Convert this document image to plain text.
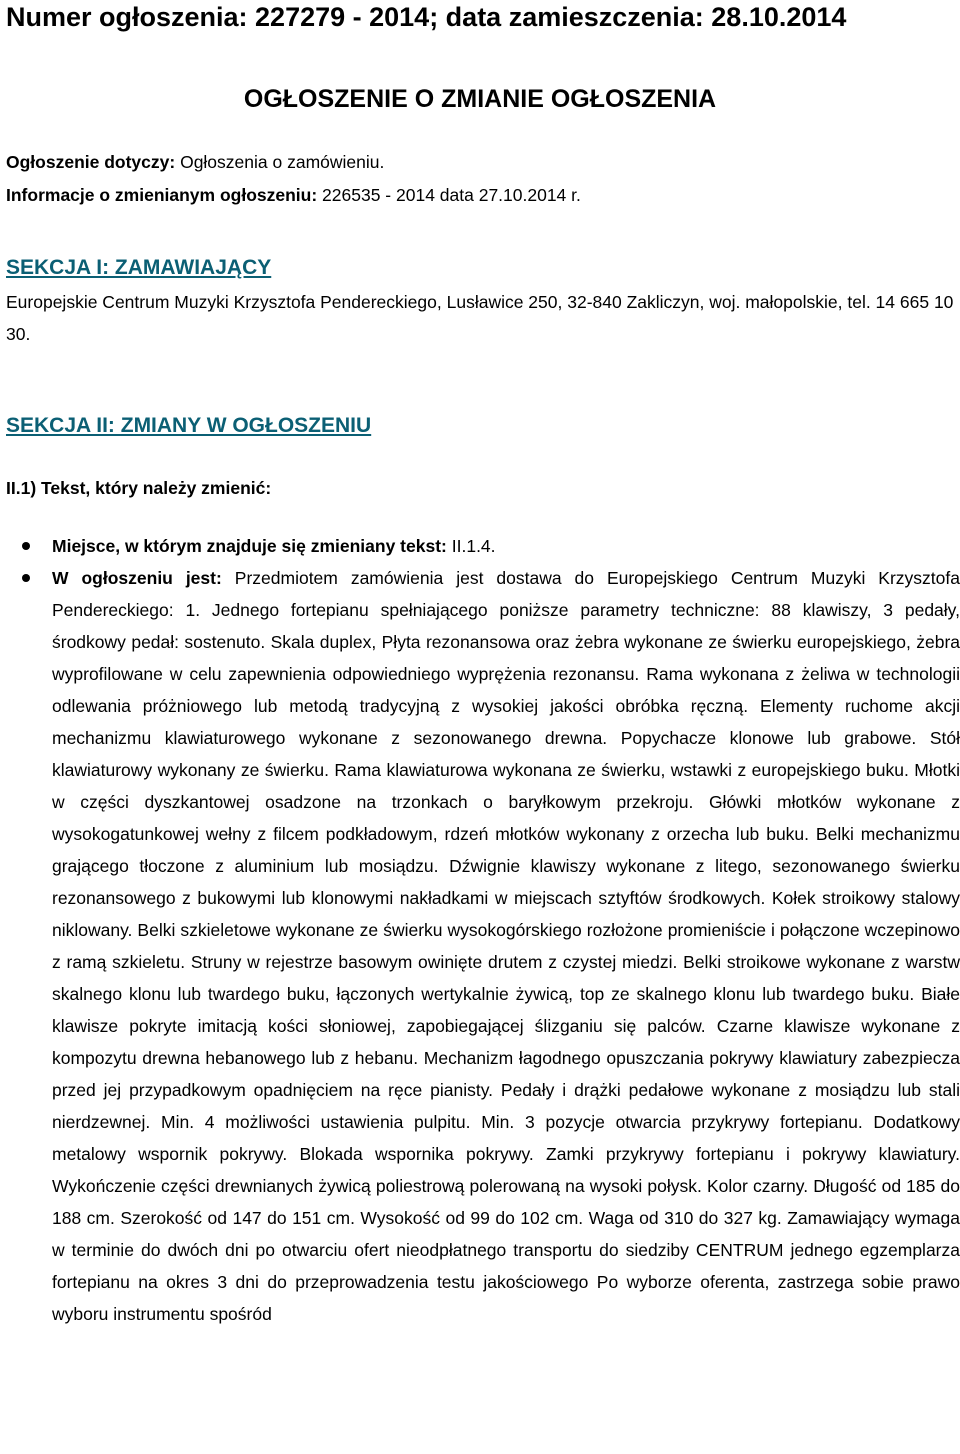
Numer ogłoszenia: 227279 - 2014; data zamieszczenia: 28.10.2014
OGŁOSZENIE O ZMIANIE OGŁOSZENIA
Ogłoszenie dotyczy: Ogłoszenia o zamówieniu.
Informacje o zmienianym ogłoszeniu: 226535 - 2014 data 27.10.2014 r.
SEKCJA I: ZAMAWIAJĄCY

Europejskie Centrum Muzyki Krzysztofa Pendereckiego, Lusławice 250, 32-840 Zakliczyn, woj. małopolskie, tel. 14 665 10 30.

SEKCJA II: ZMIANY W OGŁOSZENIU
II.1) Tekst, który należy zmienić:
Miejsce, w którym znajduje się zmieniany tekst: II.1.4.
W ogłoszeniu jest: Przedmiotem zamówienia jest dostawa do Europejskiego Centrum Muzyki Krzysztofa Pendereckiego: 1. Jednego fortepianu spełniającego poniższe parametry techniczne: 88 klawiszy, 3 pedały, środkowy pedał: sostenuto. Skala duplex, Płyta rezonansowa oraz żebra wykonane ze świerku europejskiego, żebra wyprofilowane w celu zapewnienia odpowiedniego wyprężenia rezonansu. Rama wykonana z żeliwa w technologii odlewania próżniowego lub metodą tradycyjną z wysokiej jakości obróbka ręczną. Elementy ruchome akcji mechanizmu klawiaturowego wykonane z sezonowanego drewna. Popychacze klonowe lub grabowe. Stół klawiaturowy wykonany ze świerku. Rama klawiaturowa wykonana ze świerku, wstawki z europejskiego buku. Młotki w części dyszkantowej osadzone na trzonkach o baryłkowym przekroju. Główki młotków wykonane z wysokogatunkowej wełny z filcem podkładowym, rdzeń młotków wykonany z orzecha lub buku. Belki mechanizmu grającego tłoczone z aluminium lub mosiądzu. Dźwignie klawiszy wykonane z litego, sezonowanego świerku rezonansowego z bukowymi lub klonowymi nakładkami w miejscach sztyftów środkowych. Kołek stroikowy stalowy niklowany. Belki szkieletowe wykonane ze świerku wysokogórskiego rozłożone promieniście i połączone wczepinowo z ramą szkieletu. Struny w rejestrze basowym owinięte drutem z czystej miedzi. Belki stroikowe wykonane z warstw skalnego klonu lub twardego buku, łączonych wertykalnie żywicą, top ze skalnego klonu lub twardego buku. Białe klawisze pokryte imitacją kości słoniowej, zapobiegającej ślizganiu się palców. Czarne klawisze wykonane z kompozytu drewna hebanowego lub z hebanu. Mechanizm łagodnego opuszczania pokrywy klawiatury zabezpiecza przed jej przypadkowym opadnięciem na ręce pianisty. Pedały i drążki pedałowe wykonane z mosiądzu lub stali nierdzewnej. Min. 4 możliwości ustawienia pulpitu. Min. 3 pozycje otwarcia przykrywy fortepianu. Dodatkowy metalowy wspornik pokrywy. Blokada wspornika pokrywy. Zamki przykrywy fortepianu i pokrywy klawiatury. Wykończenie części drewnianych żywicą poliestrową polerowaną na wysoki połysk. Kolor czarny. Długość od 185 do 188 cm. Szerokość od 147 do 151 cm. Wysokość od 99 do 102 cm. Waga od 310 do 327 kg. Zamawiający wymaga w terminie do dwóch dni po otwarciu ofert nieodpłatnego transportu do siedziby CENTRUM jednego egzemplarza fortepianu na okres 3 dni do przeprowadzenia testu jakościowego Po wyborze oferenta, zastrzega sobie prawo wyboru instrumentu spośród
